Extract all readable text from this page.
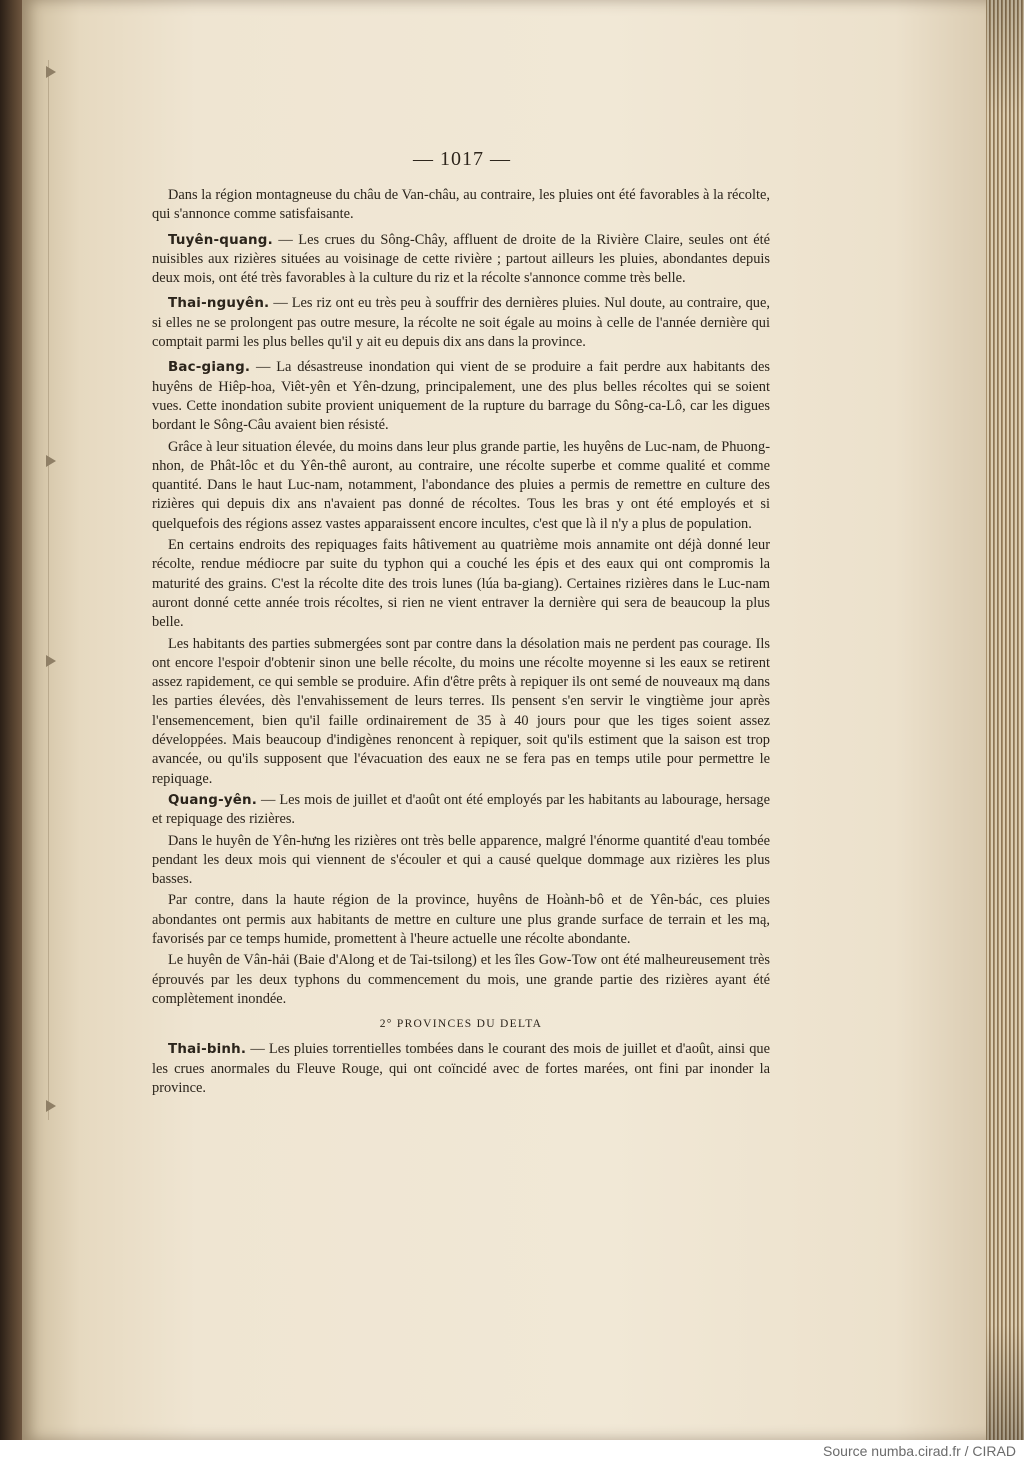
— 1017 —

Dans la région montagneuse du châu de Van-châu, au contraire, les pluies ont été favorables à la récolte, qui s'annonce comme satisfaisante.

Tuyên-quang. — Les crues du Sông-Chây, affluent de droite de la Rivière Claire, seules ont été nuisibles aux rizières situées au voisinage de cette rivière ; partout ailleurs les pluies, abondantes depuis deux mois, ont été très favorables à la culture du riz et la récolte s'annonce comme très belle.

Thai-nguyên. — Les riz ont eu très peu à souffrir des dernières pluies. Nul doute, au contraire, que, si elles ne se prolongent pas outre mesure, la récolte ne soit égale au moins à celle de l'année dernière qui comptait parmi les plus belles qu'il y ait eu depuis dix ans dans la province.

Bac-giang. — La désastreuse inondation qui vient de se produire a fait perdre aux habitants des huyêns de Hiêp-hoa, Viêt-yên et Yên-dzung, principalement, une des plus belles récoltes qui se soient vues. Cette inondation subite provient uniquement de la rupture du barrage du Sông-ca-Lô, car les digues bordant le Sông-Câu avaient bien résisté.

Grâce à leur situation élevée, du moins dans leur plus grande partie, les huyêns de Luc-nam, de Phuong-nhon, de Phât-lôc et du Yên-thê auront, au contraire, une récolte superbe et comme qualité et comme quantité. Dans le haut Luc-nam, notamment, l'abondance des pluies a permis de remettre en culture des rizières qui depuis dix ans n'avaient pas donné de récoltes. Tous les bras y ont été employés et si quelquefois des régions assez vastes apparaissent encore incultes, c'est que là il n'y a plus de population.

En certains endroits des repiquages faits hâtivement au quatrième mois annamite ont déjà donné leur récolte, rendue médiocre par suite du typhon qui a couché les épis et des eaux qui ont compromis la maturité des grains. C'est la récolte dite des trois lunes (lúa ba-giang). Certaines rizières dans le Luc-nam auront donné cette année trois récoltes, si rien ne vient entraver la dernière qui sera de beaucoup la plus belle.

Les habitants des parties submergées sont par contre dans la désolation mais ne perdent pas courage. Ils ont encore l'espoir d'obtenir sinon une belle récolte, du moins une récolte moyenne si les eaux se retirent assez rapidement, ce qui semble se produire. Afin d'être prêts à repiquer ils ont semé de nouveaux mą dans les parties élevées, dès l'envahissement de leurs terres. Ils pensent s'en servir le vingtième jour après l'ensemencement, bien qu'il faille ordinairement de 35 à 40 jours pour que les tiges soient assez développées. Mais beaucoup d'indigènes renoncent à repiquer, soit qu'ils estiment que la saison est trop avancée, ou qu'ils supposent que l'évacuation des eaux ne se fera pas en temps utile pour permettre le repiquage.

Quang-yên. — Les mois de juillet et d'août ont été employés par les habitants au labourage, hersage et repiquage des rizières.

Dans le huyên de Yên-hưng les rizières ont très belle apparence, malgré l'énorme quantité d'eau tombée pendant les deux mois qui viennent de s'écouler et qui a causé quelque dommage aux rizières les plus basses.

Par contre, dans la haute région de la province, huyêns de Hoành-bô et de Yên-bác, ces pluies abondantes ont permis aux habitants de mettre en culture une plus grande surface de terrain et les mą, favorisés par ce temps humide, promettent à l'heure actuelle une récolte abondante.

Le huyên de Vân-hải (Baie d'Along et de Tai-tsilong) et les îles Gow-Tow ont été malheureusement très éprouvés par les deux typhons du commencement du mois, une grande partie des rizières ayant été complètement inondée.

2° PROVINCES DU DELTA

Thai-binh. — Les pluies torrentielles tombées dans le courant des mois de juillet et d'août, ainsi que les crues anormales du Fleuve Rouge, qui ont coïncidé avec de fortes marées, ont fini par inonder la province.

Source numba.cirad.fr / CIRAD
